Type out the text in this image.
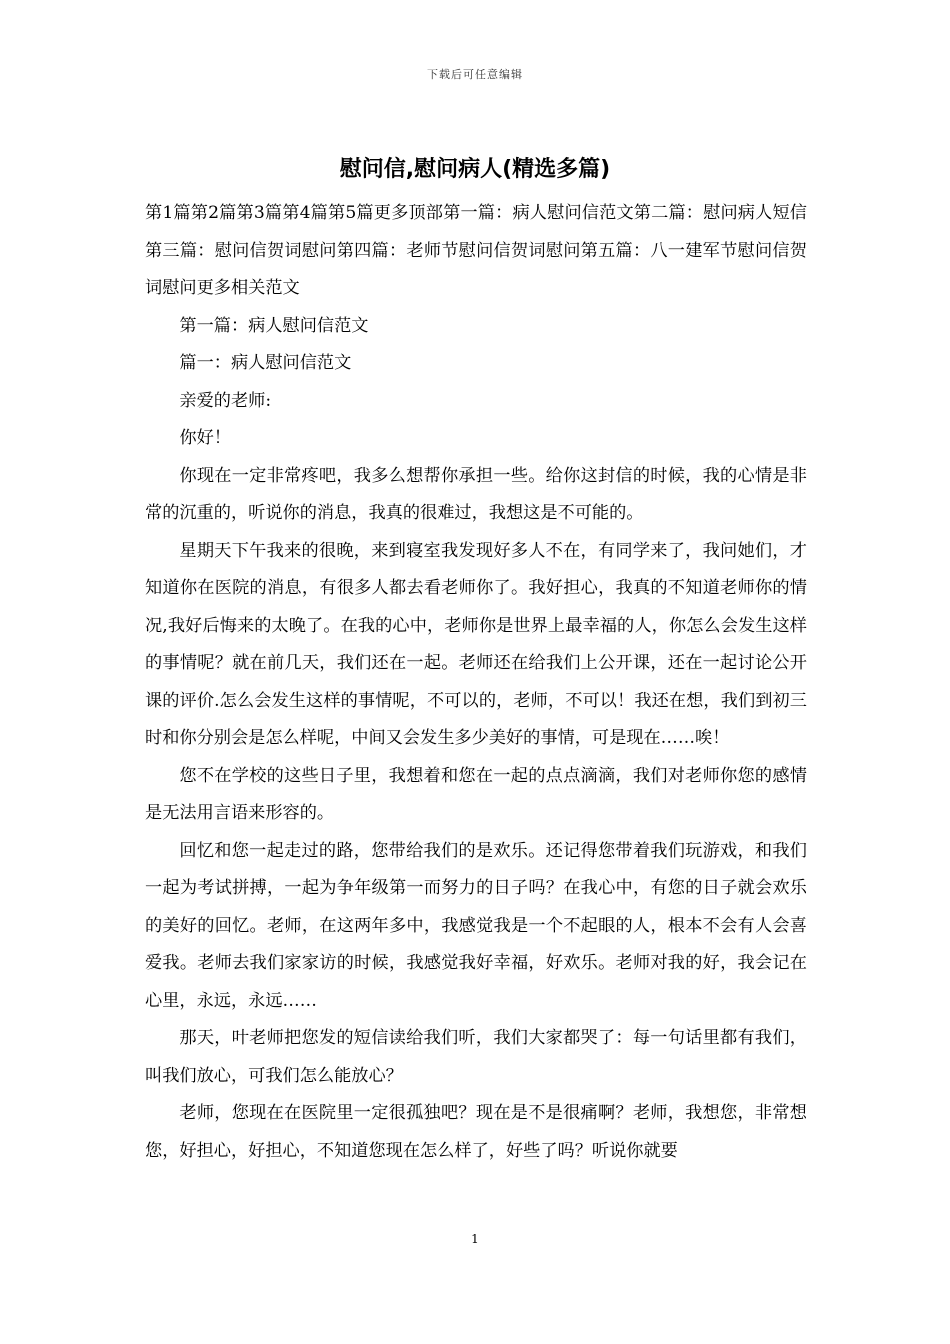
下载后可任意编辑
慰问信,慰问病人(精选多篇)

第1篇第2篇第3篇第4篇第5篇更多顶部第一篇：病人慰问信范文第二篇：慰问病人短信第三篇：慰问信贺词慰问第四篇：老师节慰问信贺词慰问第五篇：八一建军节慰问信贺词慰问更多相关范文

第一篇：病人慰问信范文

篇一：病人慰问信范文

亲爱的老师:

你好！

你现在一定非常疼吧，我多么想帮你承担一些。给你这封信的时候，我的心情是非常的沉重的，听说你的消息，我真的很难过，我想这是不可能的。

星期天下午我来的很晚，来到寝室我发现好多人不在，有同学来了，我问她们，才知道你在医院的消息，有很多人都去看老师你了。我好担心，我真的不知道老师你的情况,我好后悔来的太晚了。在我的心中，老师你是世界上最幸福的人，你怎么会发生这样的事情呢？就在前几天，我们还在一起。老师还在给我们上公开课，还在一起讨论公开课的评价.怎么会发生这样的事情呢，不可以的，老师，不可以！我还在想，我们到初三时和你分别会是怎么样呢，中间又会发生多少美好的事情，可是现在……唉！

您不在学校的这些日子里，我想着和您在一起的点点滴滴，我们对老师你您的感情是无法用言语来形容的。

回忆和您一起走过的路，您带给我们的是欢乐。还记得您带着我们玩游戏，和我们一起为考试拼搏，一起为争年级第一而努力的日子吗？在我心中，有您的日子就会欢乐的美好的回忆。老师，在这两年多中，我感觉我是一个不起眼的人，根本不会有人会喜爱我。老师去我们家家访的时候，我感觉我好幸福，好欢乐。老师对我的好，我会记在心里，永远，永远……

那天，叶老师把您发的短信读给我们听，我们大家都哭了：每一句话里都有我们，叫我们放心，可我们怎么能放心？

老师，您现在在医院里一定很孤独吧？现在是不是很痛啊？老师，我想您，非常想您，好担心，好担心，不知道您现在怎么样了，好些了吗？听说你就要

1
